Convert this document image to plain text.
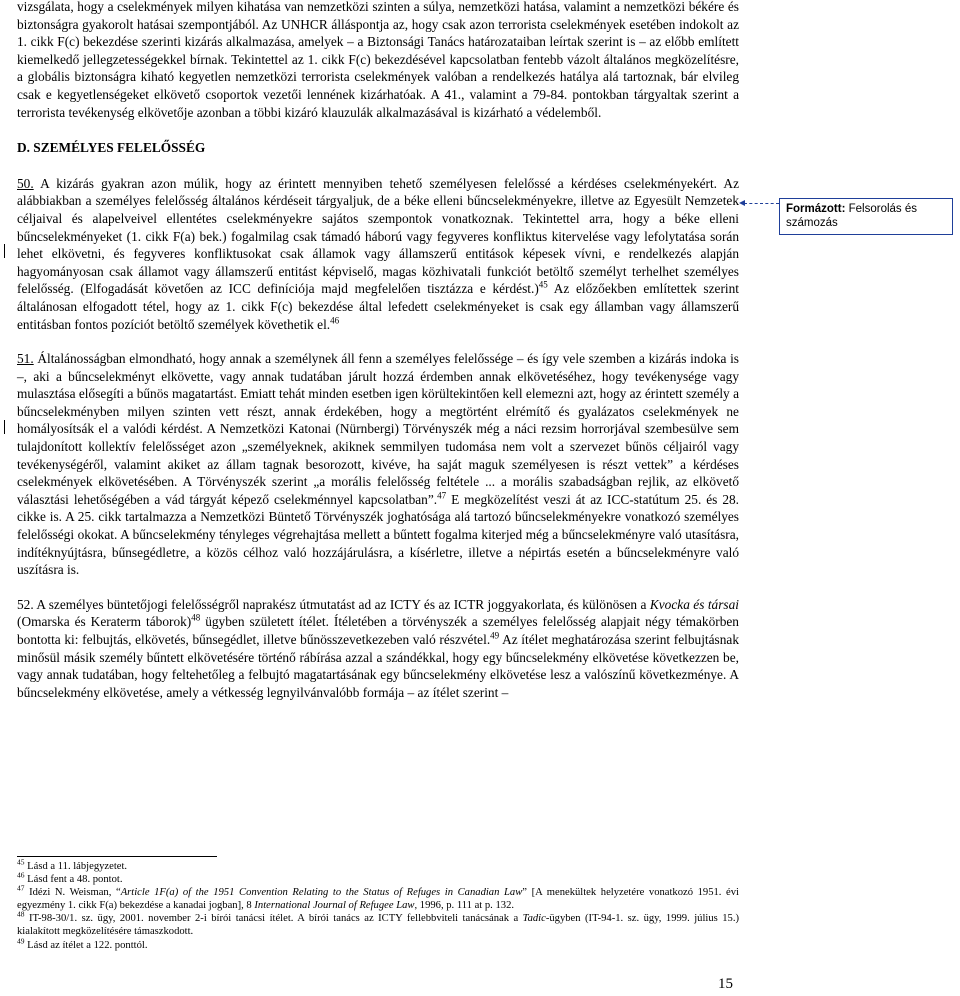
vizsgálata, hogy a cselekmények milyen kihatása van nemzetközi szinten a súlya, nemzetközi hatása, valamint a nemzetközi békére és biztonságra gyakorolt hatásai szempontjából. Az UNHCR álláspontja az, hogy csak azon terrorista cselekmények esetében indokolt az 1. cikk F(c) bekezdése szerinti kizárás alkalmazása, amelyek – a Biztonsági Tanács határozataiban leírtak szerint is – az előbb említett kiemelkedő jellegzetességekkel bírnak. Tekintettel az 1. cikk F(c) bekezdésével kapcsolatban fentebb vázolt általános megközelítésre, a globális biztonságra kiható kegyetlen nemzetközi terrorista cselekmények valóban a rendelkezés hatálya alá tartoznak, bár elvileg csak e kegyetlenségeket elkövető csoportok vezetői lennének kizárhatóak. A 41., valamint a 79-84. pontokban tárgyaltak szerint a terrorista tevékenység elkövetője azonban a többi kizáró klauzulák alkalmazásával is kizárható a védelemből.

D. SZEMÉLYES FELELŐSSÉG

50. A kizárás gyakran azon múlik, hogy az érintett mennyiben tehető személyesen felelőssé a kérdéses cselekményekért. Az alábbiakban a személyes felelősség általános kérdéseit tárgyaljuk, de a béke elleni bűncselekményekre, illetve az Egyesült Nemzetek céljaival és alapelveivel ellentétes cselekményekre sajátos szempontok vonatkoznak. Tekintettel arra, hogy a béke elleni bűncselekményeket (1. cikk F(a) bek.) fogalmilag csak támadó háború vagy fegyveres konfliktus kitervelése vagy lefolytatása során lehet elkövetni, és fegyveres konfliktusokat csak államok vagy államszerű entitások képesek vívni, e rendelkezés alapján hagyományosan csak államot vagy államszerű entitást képviselő, magas közhivatali funkciót betöltő személyt terhelhet személyes felelősség. (Elfogadását követően az ICC definíciója majd megfelelően tisztázza e kérdést.)$^{45}$ Az előzőekben említettek szerint általánosan elfogadott tétel, hogy az 1. cikk F(c) bekezdése által lefedett cselekményeket is csak egy államban vagy államszerű entitásban fontos pozíciót betöltő személyek követhetik el.$^{46}$

51. Általánosságban elmondható, hogy annak a személynek áll fenn a személyes felelőssége – és így vele szemben a kizárás indoka is –, aki a bűncselekményt elkövette, vagy annak tudatában járult hozzá érdemben annak elkövetéséhez, hogy tevékenysége vagy mulasztása elősegíti a bűnös magatartást. Emiatt tehát minden esetben igen körültekintően kell elemezni azt, hogy az érintett személy a bűncselekményben milyen szinten vett részt, annak érdekében, hogy a megtörtént elrémítő és gyalázatos cselekmények ne homályosítsák el a valódi kérdést. A Nemzetközi Katonai (Nürnbergi) Törvényszék még a náci rezsim horrorjával szembesülve sem tulajdonított kollektív felelősséget azon „személyeknek, akiknek semmilyen tudomása nem volt a szervezet bűnös céljairól vagy tevékenységéről, valamint akiket az állam tagnak besorozott, kivéve, ha saját maguk személyesen is részt vettek” a kérdéses cselekmények elkövetésében. A Törvényszék szerint „a morális felelősség feltétele ... a morális szabadságban rejlik, az elkövető választási lehetőségében a vád tárgyát képező cselekménnyel kapcsolatban”.$^{47}$ E megközelítést veszi át az ICC-statútum 25. és 28. cikke is. A 25. cikk tartalmazza a Nemzetközi Büntető Törvényszék joghatósága alá tartozó bűncselekményekre vonatkozó személyes felelősségi okokat. A bűncselekmény tényleges végrehajtása mellett a bűntett fogalma kiterjed még a bűncselekményre való utasításra, indítéknyújtásra, bűnsegédletre, a közös célhoz való hozzájárulásra, a kísérletre, illetve a népirtás esetén a bűncselekményre való uszításra is.

52. A személyes büntetőjogi felelősségről naprakész útmutatást ad az ICTY és az ICTR joggyakorlata, és különösen a Kvocka és társai (Omarska és Keraterm táborok)$^{48}$ ügyben született ítélet. Ítéletében a törvényszék a személyes felelősség alapjait négy témakörben bontotta ki: felbujtás, elkövetés, bűnsegédlet, illetve bűnösszevetkezeben való részvétel.$^{49}$ Az ítélet meghatározása szerint felbujtásnak minősül másik személy bűntett elkövetésére történő rábírása azzal a szándékkal, hogy egy bűncselekmény elkövetése következzen be, vagy annak tudatában, hogy feltehetőleg a felbujtó magatartásának egy bűncselekmény elkövetése lesz a valószínű következménye. A bűncselekmény elkövetése, amely a vétkesség legnyilvánvalóbb formája – az ítélet szerint –

Formázott: Felsorolás és számozás

$^{45}$ Lásd a 11. lábjegyzetet.

$^{46}$ Lásd fent a 48. pontot.

$^{47}$ Idézi N. Weisman, “Article 1F(a) of the 1951 Convention Relating to the Status of Refuges in Canadian Law” [A menekültek helyzetére vonatkozó 1951. évi egyezmény 1. cikk F(a) bekezdése a kanadai jogban], 8 International Journal of Refugee Law, 1996, p. 111 at p. 132.

$^{48}$ IT-98-30/1. sz. ügy, 2001. november 2-i bírói tanácsi ítélet. A bírói tanács az ICTY fellebbviteli tanácsának a Tadic-ügyben (IT-94-1. sz. ügy, 1999. július 15.) kialakított megközelítésére támaszkodott.

$^{49}$ Lásd az ítélet a 122. ponttól.

15
